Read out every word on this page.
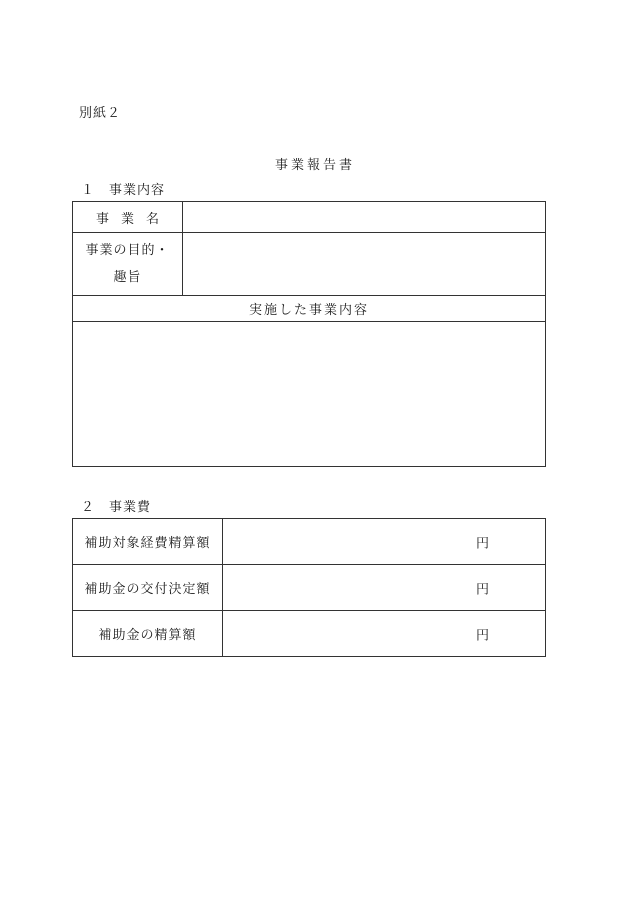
別紙２
事業報告書
１ 事業内容
事業名	

事業の目的・
趣旨	

実施した事業内容	

２ 事業費
補助対象経費精算額	円

補助金の交付決定額	円

補助金の精算額	円
